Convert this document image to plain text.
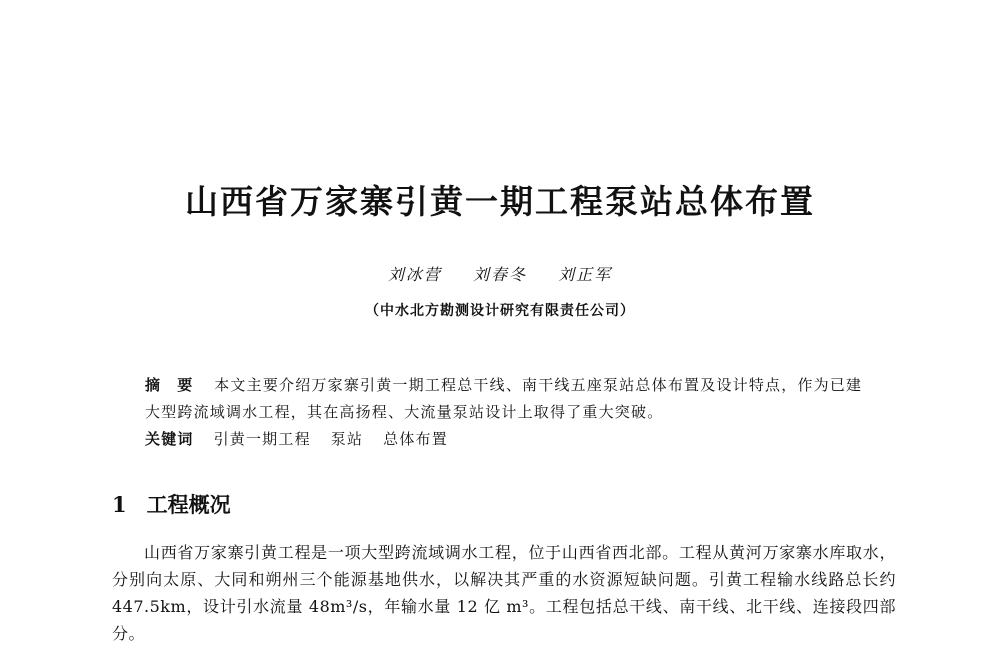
山西省万家寨引黄一期工程泵站总体布置
刘冰营 刘春冬 刘正军
（中水北方勘测设计研究有限责任公司）
摘 要 本文主要介绍万家寨引黄一期工程总干线、南干线五座泵站总体布置及设计特点，作为已建大型跨流域调水工程，其在高扬程、大流量泵站设计上取得了重大突破。
关键词 引黄一期工程 泵站 总体布置
1 工程概况

山西省万家寨引黄工程是一项大型跨流域调水工程，位于山西省西北部。工程从黄河万家寨水库取水，分别向太原、大同和朔州三个能源基地供水，以解决其严重的水资源短缺问题。引黄工程输水线路总长约 447.5km，设计引水流量 48m³/s，年输水量 12 亿 m³。工程包括总干线、南干线、北干线、连接段四部分。
